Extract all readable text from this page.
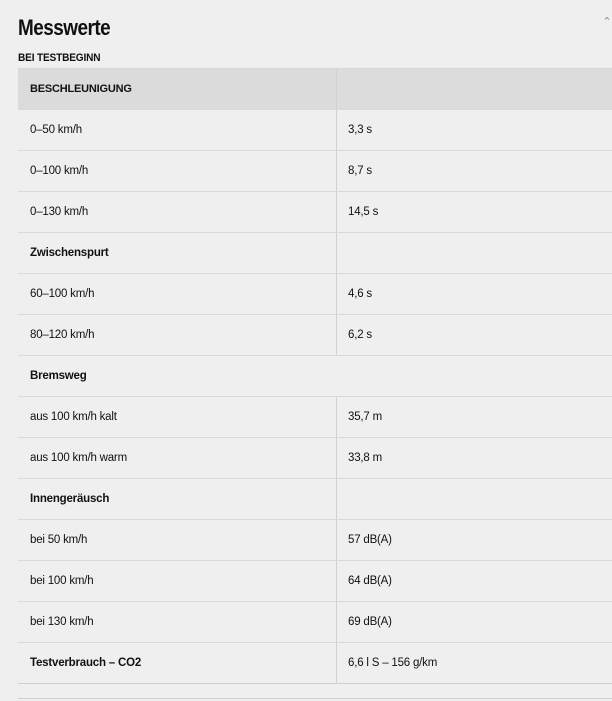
Messwerte	⌃
BEI TESTBEGINN
BESCHLEUNIGUNG
0–50 km/h	3,3 s
0–100 km/h	8,7 s
0–130 km/h	14,5 s
Zwischenspurt
60–100 km/h	4,6 s
80–120 km/h	6,2 s
Bremsweg
aus 100 km/h kalt	35,7 m
aus 100 km/h warm	33,8 m
Innengeräusch
bei 50 km/h	57 dB(A)
bei 100 km/h	64 dB(A)
bei 130 km/h	69 dB(A)
Testverbrauch – CO2	6,6 l S – 156 g/km
